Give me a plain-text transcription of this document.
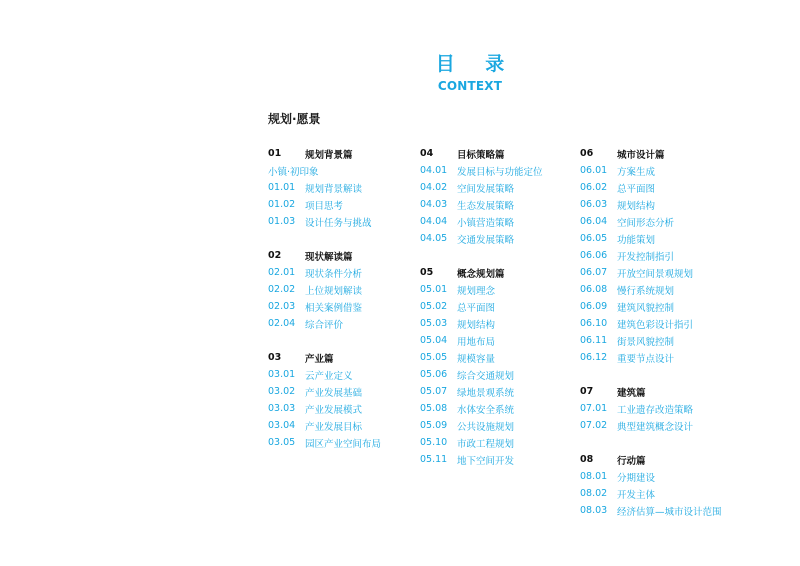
目 录
CONTEXT
规划·愿景
01	规划背景篇
小镇·初印象
01.01	规划背景解读
01.02	项目思考
01.03	设计任务与挑战
02	现状解读篇
02.01	现状条件分析
02.02	上位规划解读
02.03	相关案例借鉴
02.04	综合评价
03	产业篇
03.01	云产业定义
03.02	产业发展基础
03.03	产业发展模式
03.04	产业发展目标
03.05	园区产业空间布局
04	目标策略篇
04.01	发展目标与功能定位
04.02	空间发展策略
04.03	生态发展策略
04.04	小镇营造策略
04.05	交通发展策略
05	概念规划篇
05.01	规划理念
05.02	总平面图
05.03	规划结构
05.04	用地布局
05.05	规模容量
05.06	综合交通规划
05.07	绿地景观系统
05.08	水体安全系统
05.09	公共设施规划
05.10	市政工程规划
05.11	地下空间开发
06	城市设计篇
06.01	方案生成
06.02	总平面图
06.03	规划结构
06.04	空间形态分析
06.05	功能策划
06.06	开发控制指引
06.07	开放空间景观规划
06.08	慢行系统规划
06.09	建筑风貌控制
06.10	建筑色彩设计指引
06.11	街景风貌控制
06.12	重要节点设计
07	建筑篇
07.01	工业遗存改造策略
07.02	典型建筑概念设计
08	行动篇
08.01	分期建设
08.02	开发主体
08.03	经济估算—城市设计范围
